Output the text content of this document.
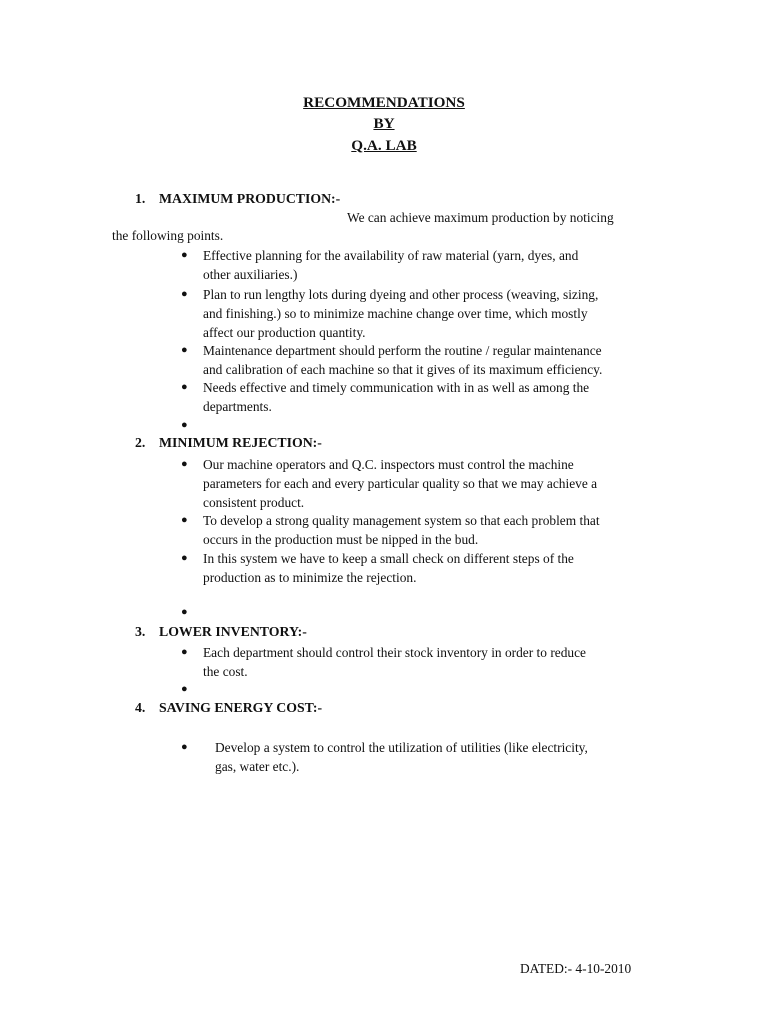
RECOMMENDATIONS
BY
Q.A. LAB
1. MAXIMUM PRODUCTION:-
We can achieve maximum production by noticing
the following points.
● Effective planning for the availability of raw material (yarn, dyes, and
other auxiliaries.)
● Plan to run lengthy lots during dyeing and other process (weaving, sizing,
and finishing.) so to minimize machine change over time, which mostly
affect our production quantity.
● Maintenance department should perform the routine / regular maintenance
and calibration of each machine so that it gives of its maximum efficiency.
● Needs effective and timely communication with in as well as among the
departments.
●
2. MINIMUM REJECTION:-
● Our machine operators and Q.C. inspectors must control the machine
parameters for each and every particular quality so that we may achieve a
consistent product.
● To develop a strong quality management system so that each problem that
occurs in the production must be nipped in the bud.
● In this system we have to keep a small check on different steps of the
production as to minimize the rejection.
●
3. LOWER INVENTORY:-
● Each department should control their stock inventory in order to reduce
the cost.
●
4. SAVING ENERGY COST:-
● Develop a system to control the utilization of utilities (like electricity,
gas, water etc.).
DATED:- 4-10-2010
